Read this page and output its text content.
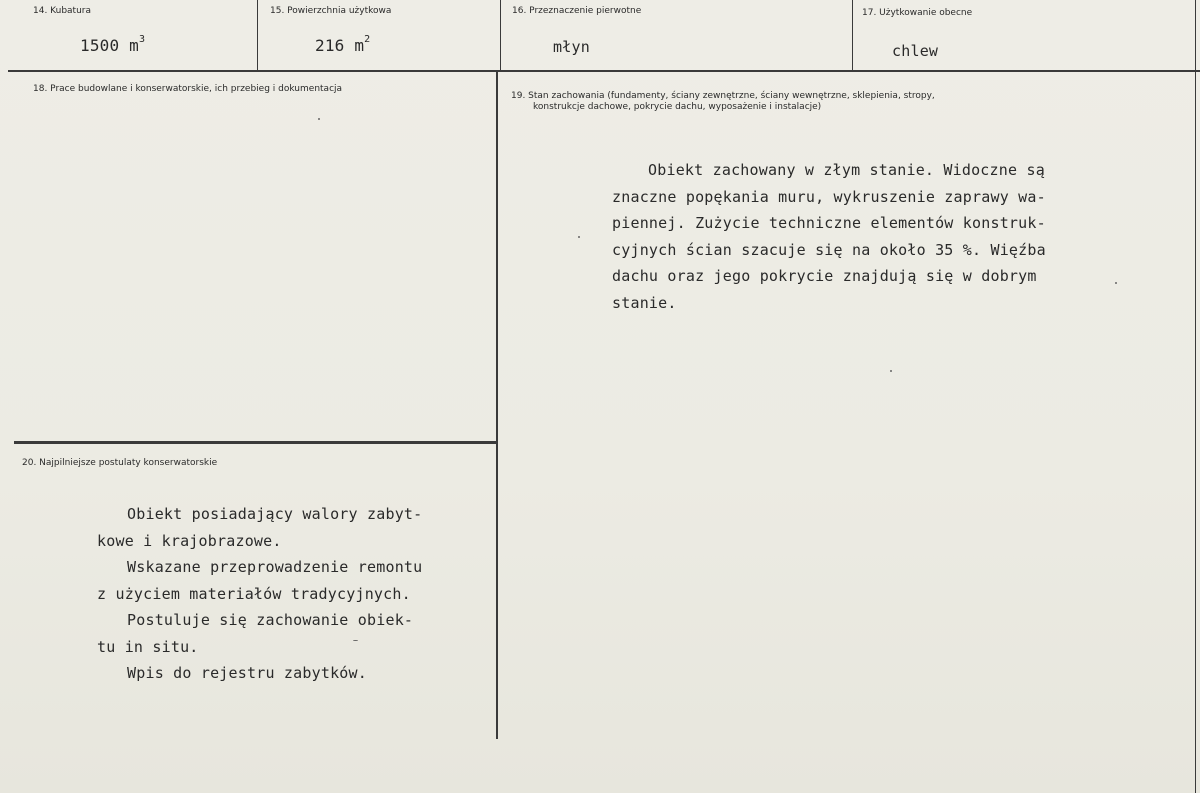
14. Kubatura
1500 $m^3$
15. Powierzchnia użytkowa
216 $m^2$
16. Przeznaczenie pierwotne
młyn
17. Użytkowanie obecne
chlew
18. Prace budowlane i konserwatorskie, ich przebieg i dokumentacja
19. Stan zachowania (fundamenty, ściany zewnętrzne, ściany wewnętrzne, sklepienia, stropy,
konstrukcje dachowe, pokrycie dachu, wyposażenie i instalacje)
Obiekt zachowany w złym stanie. Widoczne są
znaczne popękania muru, wykruszenie zaprawy wa-
piennej. Zużycie techniczne elementów konstruk-
cyjnych ścian szacuje się na około 35 %. Więźba
dachu oraz jego pokrycie znajdują się w dobrym
stanie.
20. Najpilniejsze postulaty konserwatorskie
Obiekt posiadający walory zabyt-
kowe i krajobrazowe.
Wskazane przeprowadzenie remontu
z użyciem materiałów tradycyjnych.
Postuluje się zachowanie obiek-
tu in situ.
Wpis do rejestru zabytków.
